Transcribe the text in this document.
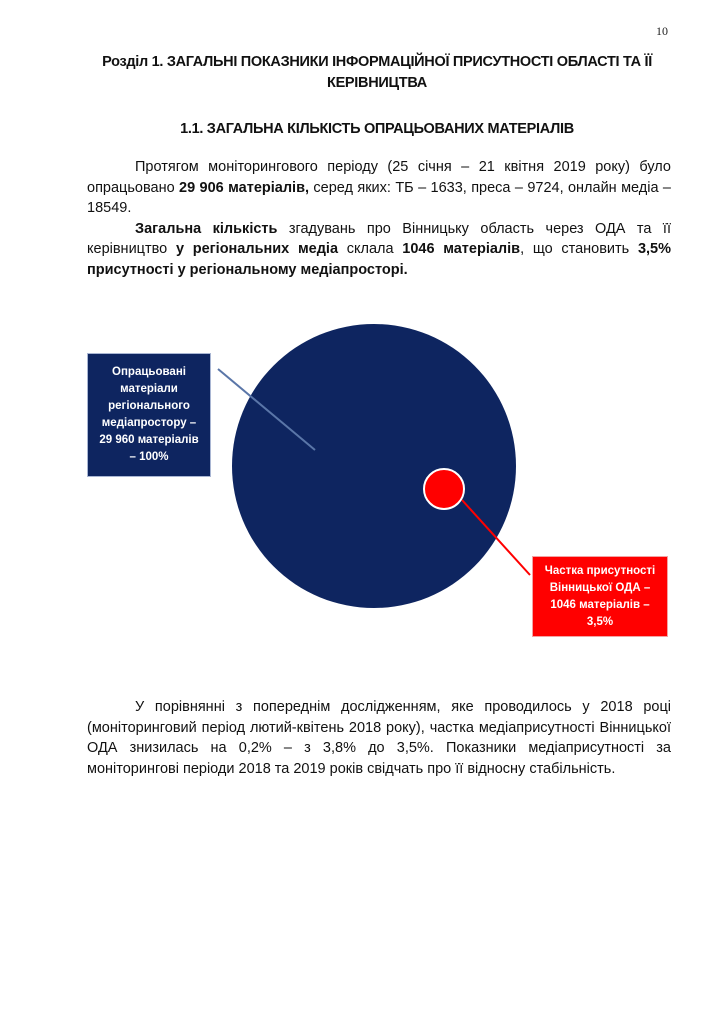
10
Розділ 1. ЗАГАЛЬНІ ПОКАЗНИКИ ІНФОРМАЦІЙНОЇ ПРИСУТНОСТІ ОБЛАСТІ ТА ЇЇ КЕРІВНИЦТВА
1.1. ЗАГАЛЬНА КІЛЬКІСТЬ ОПРАЦЬОВАНИХ МАТЕРІАЛІВ

Протягом моніторингового періоду (25 січня – 21 квітня 2019 року) було опрацьовано 29 906 матеріалів, серед яких: ТБ – 1633, преса – 9724, онлайн медіа – 18549.

Загальна кількість згадувань про Вінницьку область через ОДА та її керівництво у регіональних медіа склала 1046 матеріалів, що становить 3,5% присутності у регіональному медіапросторі.

Опрацьовані
матеріали
регіонального
медіапростору –
29 960 матеріалів
– 100%
Частка присутності
Вінницької ОДА –
1046 матеріалів –
3,5%

У порівнянні з попереднім дослідженням, яке проводилось у 2018 році (моніторинговий період лютий-квітень 2018 року), частка медіаприсутності Вінницької ОДА знизилась на 0,2% – з 3,8% до 3,5%. Показники медіаприсутності за моніторингові періоди 2018 та 2019 років свідчать про її відносну стабільність.
